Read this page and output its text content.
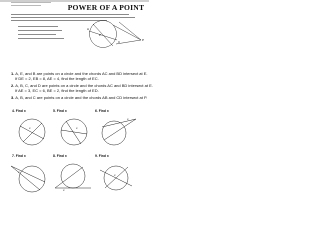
POWER OF A POINT
P
A
C	P
1. A, E, and B are points on a circle and the chords AC and BD intersect at E.
If DE = 2, EB = 8, AE = 4, find the length of EC.
2. A, B, C, and D are points on a circle and the chords AC and BD intersect at E.
If AE = 3, EC = 6, BE = 2, find the length of ED.
3. A, B, and C are points on a circle and the chords AB and CD intersect at P.
4. Find x	5. Find x	6. Find x
x	x
x
7. Find x	8. Find x	9. Find x
x
x
x
